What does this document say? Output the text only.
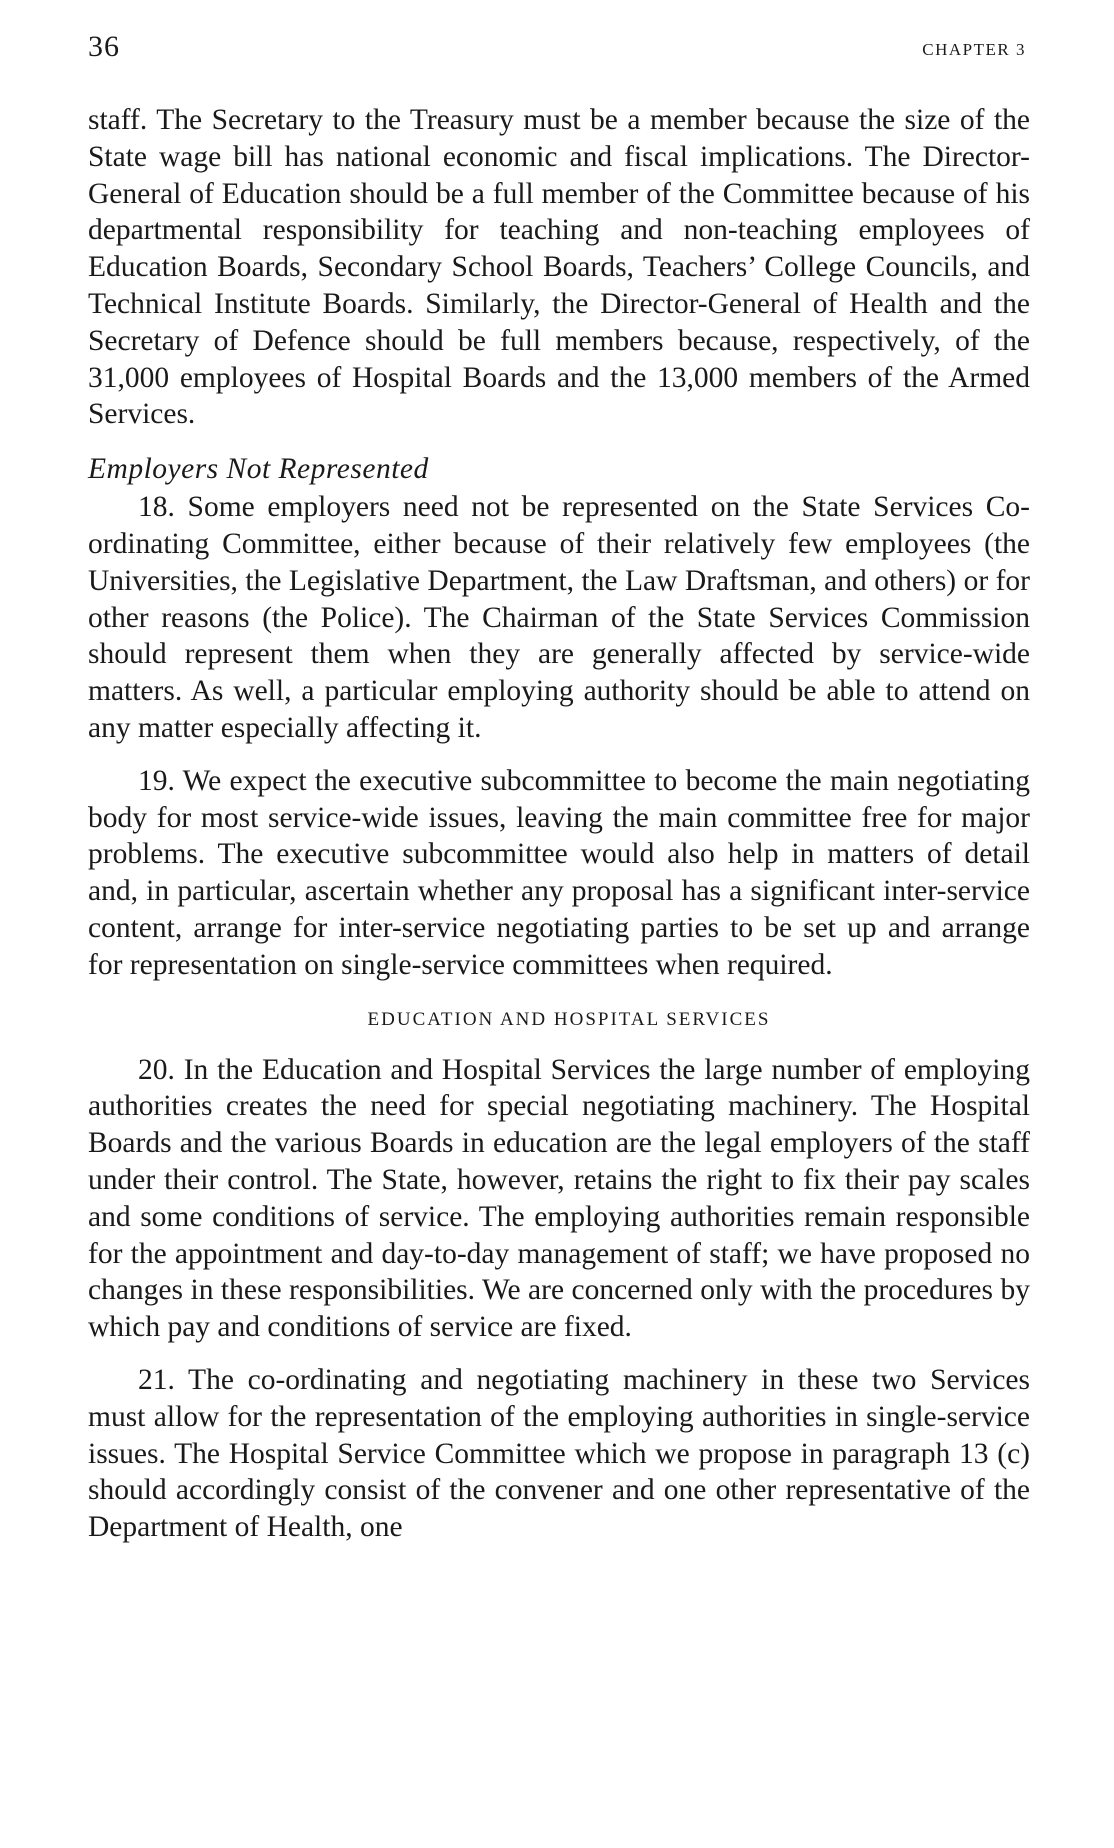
36	CHAPTER 3

staff. The Secretary to the Treasury must be a member because the size of the State wage bill has national economic and fiscal implications. The Director-General of Education should be a full member of the Committee because of his departmental responsibility for teaching and non-teaching employees of Education Boards, Secondary School Boards, Teachers’ College Councils, and Technical Institute Boards. Similarly, the Director-General of Health and the Secretary of Defence should be full members because, respectively, of the 31,000 employees of Hospital Boards and the 13,000 members of the Armed Services.

Employers Not Represented

18. Some employers need not be represented on the State Services Co-ordinating Committee, either because of their relatively few employees (the Universities, the Legislative Department, the Law Draftsman, and others) or for other reasons (the Police). The Chairman of the State Services Commission should represent them when they are generally affected by service-wide matters. As well, a particular employing authority should be able to attend on any matter especially affecting it.

19. We expect the executive subcommittee to become the main negotiating body for most service-wide issues, leaving the main committee free for major problems. The executive subcommittee would also help in matters of detail and, in particular, ascertain whether any proposal has a significant inter-service content, arrange for inter-service negotiating parties to be set up and arrange for representation on single-service committees when required.

EDUCATION AND HOSPITAL SERVICES

20. In the Education and Hospital Services the large number of employing authorities creates the need for special negotiating machinery. The Hospital Boards and the various Boards in education are the legal employers of the staff under their control. The State, however, retains the right to fix their pay scales and some conditions of service. The employing authorities remain responsible for the appointment and day-to-day management of staff; we have proposed no changes in these responsibilities. We are concerned only with the procedures by which pay and conditions of service are fixed.

21. The co-ordinating and negotiating machinery in these two Services must allow for the representation of the employing authorities in single-service issues. The Hospital Service Committee which we propose in paragraph 13 (c) should accordingly consist of the convener and one other representative of the Department of Health, one
